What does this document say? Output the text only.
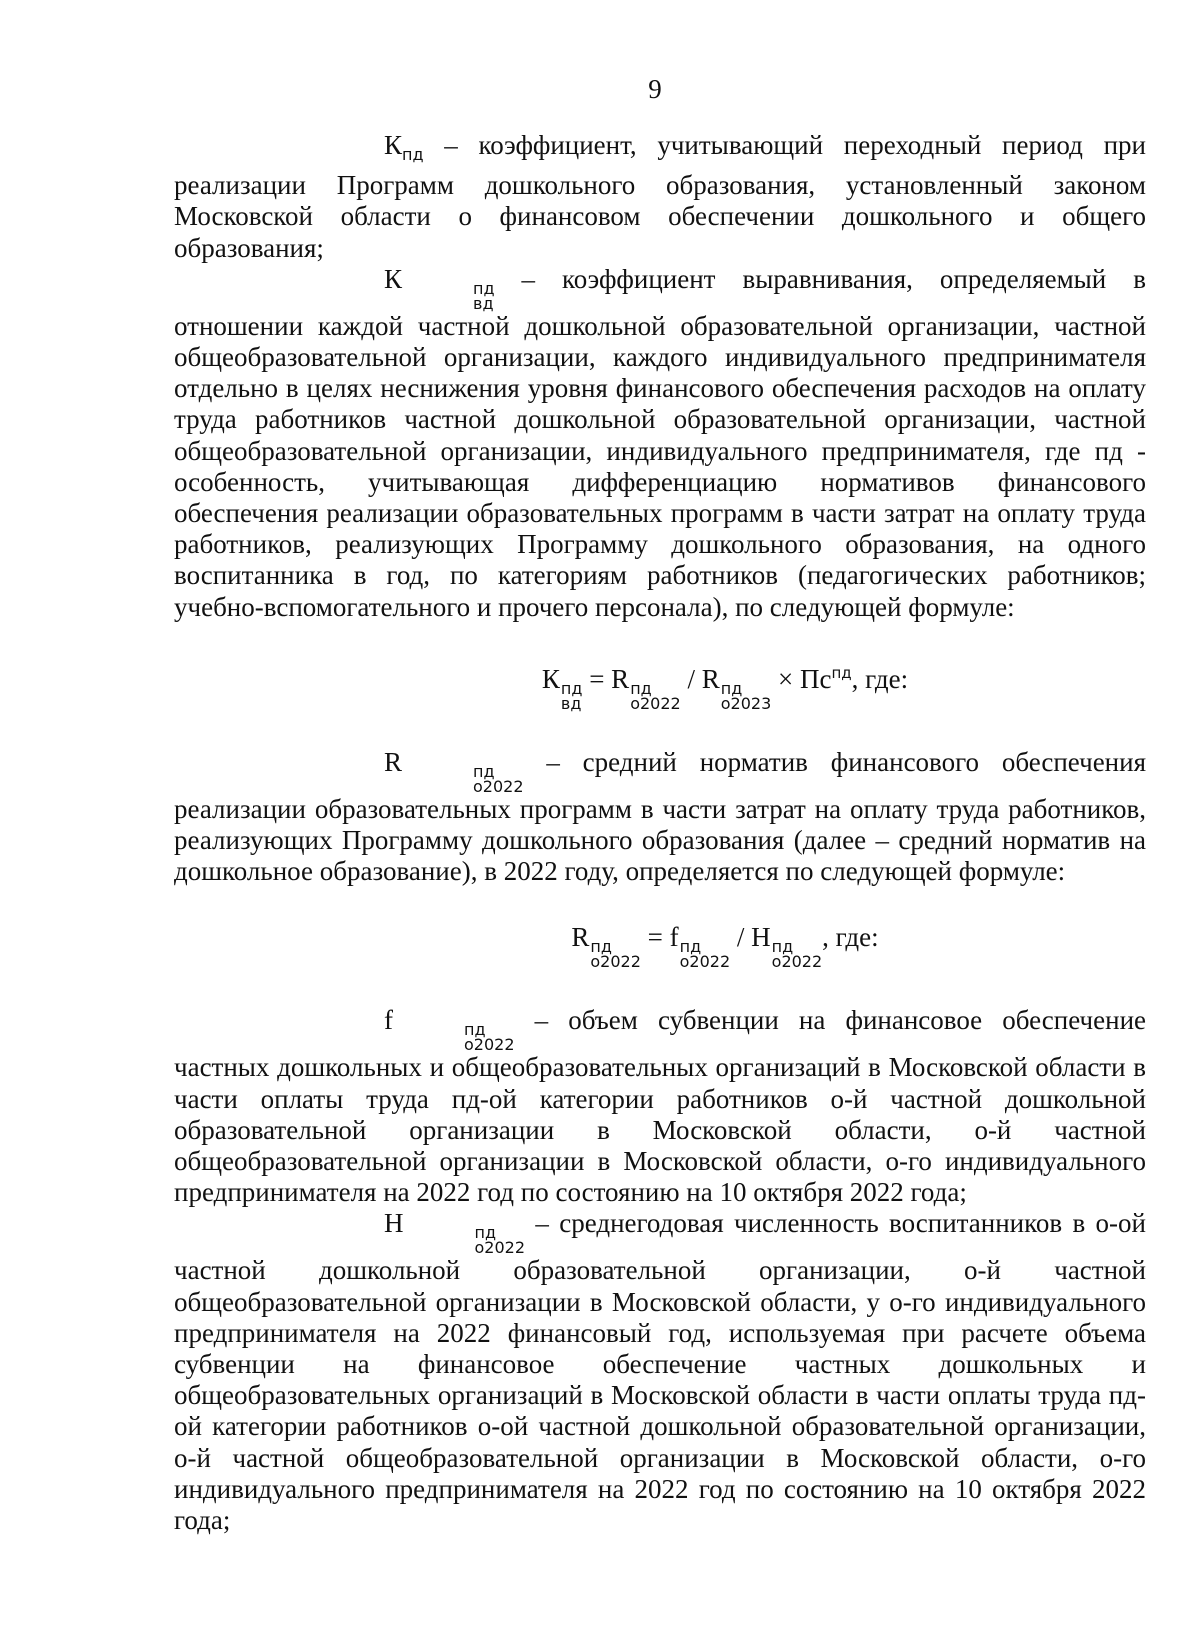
9

$К_{пд}$ – коэффициент, учитывающий переходный период при реализации Программ дошкольного образования, установленный законом Московской области о финансовом обеспечении дошкольного и общего образования;

К	пд
вд
– коэффициент выравнивания, определяемый в отношении каждой частной дошкольной образовательной организации, частной общеобразовательной организации, каждого индивидуального предпринимателя отдельно в целях неснижения уровня финансового обеспечения расходов на оплату труда работников частной дошкольной образовательной организации, частной общеобразовательной организации, индивидуального предпринимателя, где пд - особенность, учитывающая дифференциацию нормативов финансового обеспечения реализации образовательных программ в части затрат на оплату труда работников, реализующих Программу дошкольного образования, на одного воспитанника в год, по категориям работников (педагогических работников; учебно-вспомогательного и прочего персонала), по следующей формуле:

К пд
вд
= R пд
о2022
/ R пд
о2023
× $Пс^{пд}$, где:

R	пд
о2022
– средний норматив финансового обеспечения реализации образовательных программ в части затрат на оплату труда работников, реализующих Программу дошкольного образования (далее – средний норматив на дошкольное образование), в 2022 году, определяется по следующей формуле:

R пд
о2022
= f пд
о2022
/ Н пд
о2022
, где:

f	пд
о2022
– объем субвенции на финансовое обеспечение частных дошкольных и общеобразовательных организаций в Московской области в части оплаты труда пд-ой категории работников о-й частной дошкольной образовательной организации в Московской области, о-й частной общеобразовательной организации в Московской области, о-го индивидуального предпринимателя на 2022 год по состоянию на 10 октября 2022 года;

Н	пд
о2022
– среднегодовая численность воспитанников в о-ой частной дошкольной образовательной организации, о-й частной общеобразовательной организации в Московской области, у о-го индивидуального предпринимателя на 2022 финансовый год, используемая при расчете объема субвенции на финансовое обеспечение частных дошкольных и общеобразовательных организаций в Московской области в части оплаты труда пд-ой категории работников о-ой частной дошкольной образовательной организации, о-й частной общеобразовательной организации в Московской области, о-го индивидуального предпринимателя на 2022 год по состоянию на 10 октября 2022 года;
